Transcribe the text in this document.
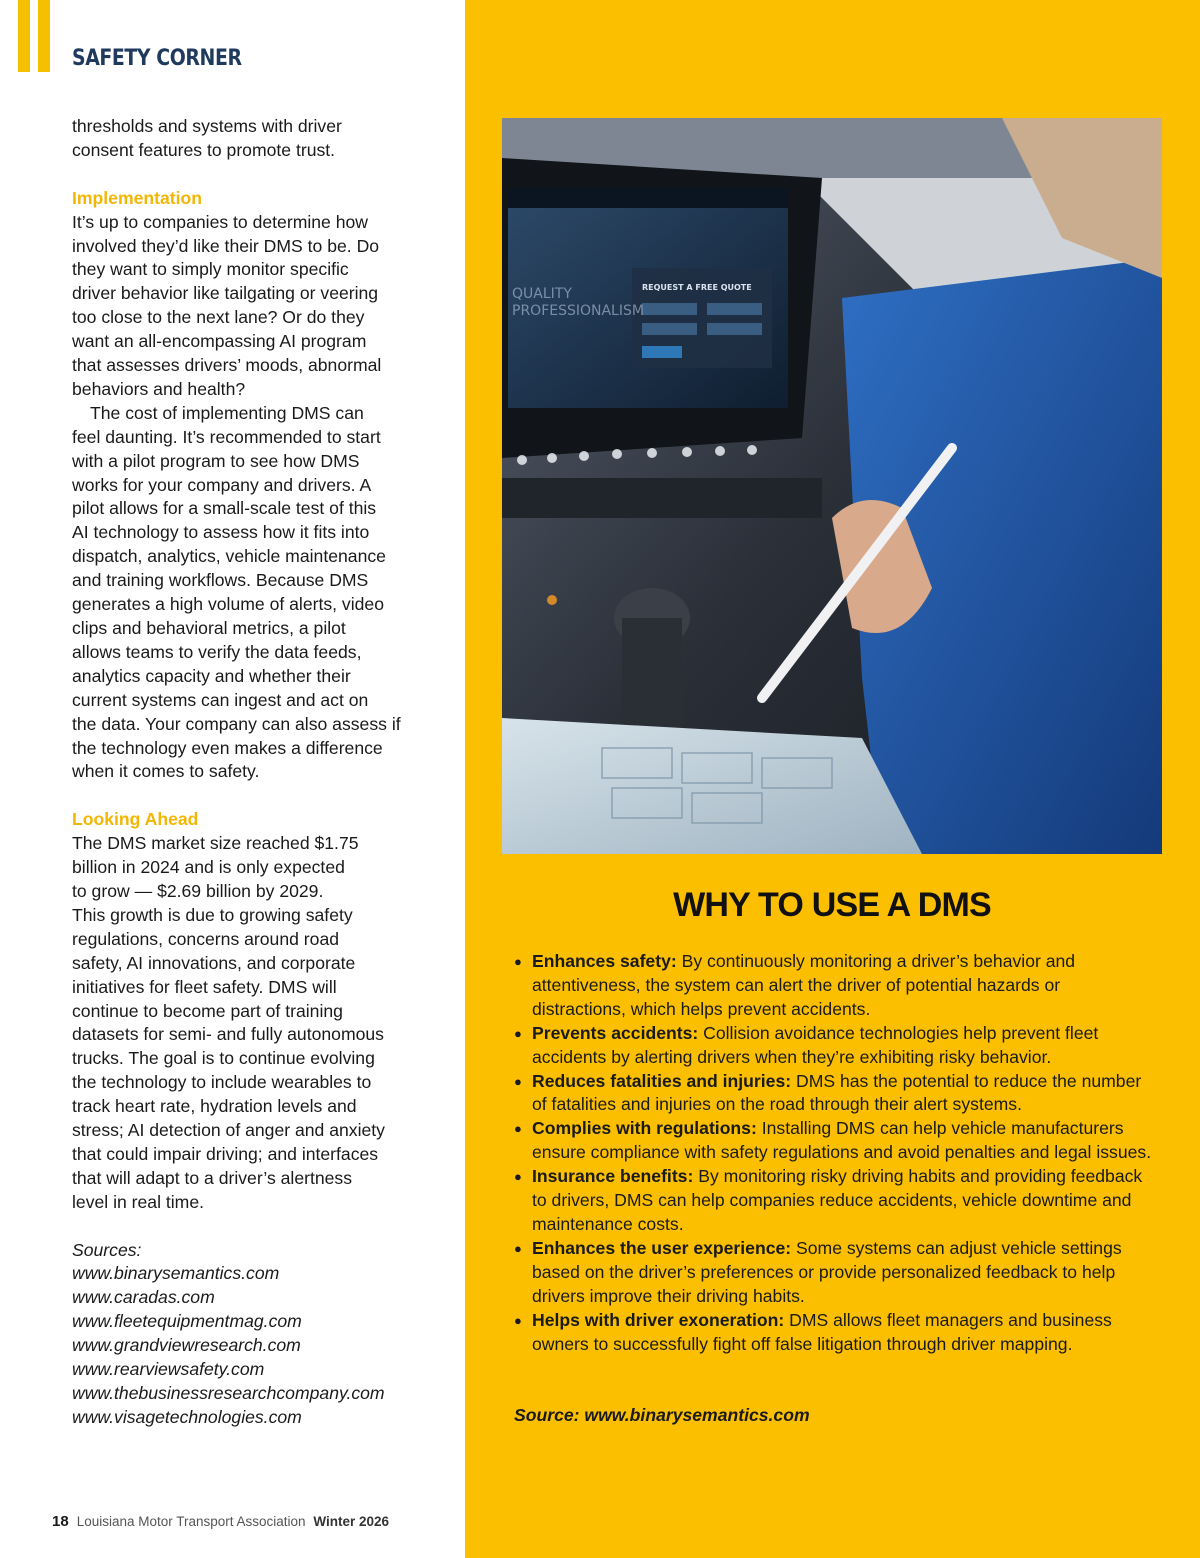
SAFETY CORNER

thresholds and systems with driver
consent features to promote trust.

Implementation

It’s up to companies to determine how
involved they’d like their DMS to be. Do
they want to simply monitor specific
driver behavior like tailgating or veering
too close to the next lane? Or do they
want an all-encompassing AI program
that assesses drivers’ moods, abnormal
behaviors and health?

The cost of implementing DMS can
feel daunting. It’s recommended to start
with a pilot program to see how DMS
works for your company and drivers. A
pilot allows for a small-scale test of this
AI technology to assess how it fits into
dispatch, analytics, vehicle maintenance
and training workflows. Because DMS
generates a high volume of alerts, video
clips and behavioral metrics, a pilot
allows teams to verify the data feeds,
analytics capacity and whether their
current systems can ingest and act on
the data. Your company can also assess if
the technology even makes a difference
when it comes to safety.

Looking Ahead

The DMS market size reached $1.75
billion in 2024 and is only expected
to grow — $2.69 billion by 2029.
This growth is due to growing safety
regulations, concerns around road
safety, AI innovations, and corporate
initiatives for fleet safety. DMS will
continue to become part of training
datasets for semi- and fully autonomous
trucks. The goal is to continue evolving
the technology to include wearables to
track heart rate, hydration levels and
stress; AI detection of anger and anxiety
that could impair driving; and interfaces
that will adapt to a driver’s alertness
level in real time.

Sources:
www.binarysemantics.com
www.caradas.com
www.fleetequipmentmag.com
www.grandviewresearch.com
www.rearviewsafety.com
www.thebusinessresearchcompany.com
www.visagetechnologies.com
18 Louisiana Motor Transport Association Winter 2026
REQUEST A FREE QUOTE
QUALITY PROFESSIONALISM
WHY TO USE A DMS
● Enhances safety: By continuously monitoring a driver’s behavior and attentiveness, the system can alert the driver of potential hazards or distractions, which helps prevent accidents.
● Prevents accidents: Collision avoidance technologies help prevent fleet accidents by alerting drivers when they’re exhibiting risky behavior.
● Reduces fatalities and injuries: DMS has the potential to reduce the number of fatalities and injuries on the road through their alert systems.
● Complies with regulations: Installing DMS can help vehicle manufacturers ensure compliance with safety regulations and avoid penalties and legal issues.
● Insurance benefits: By monitoring risky driving habits and providing feedback to drivers, DMS can help companies reduce accidents, vehicle downtime and maintenance costs.
● Enhances the user experience: Some systems can adjust vehicle settings based on the driver’s preferences or provide personalized feedback to help drivers improve their driving habits.
● Helps with driver exoneration: DMS allows fleet managers and business owners to successfully fight off false litigation through driver mapping.
Source: www.binarysemantics.com
